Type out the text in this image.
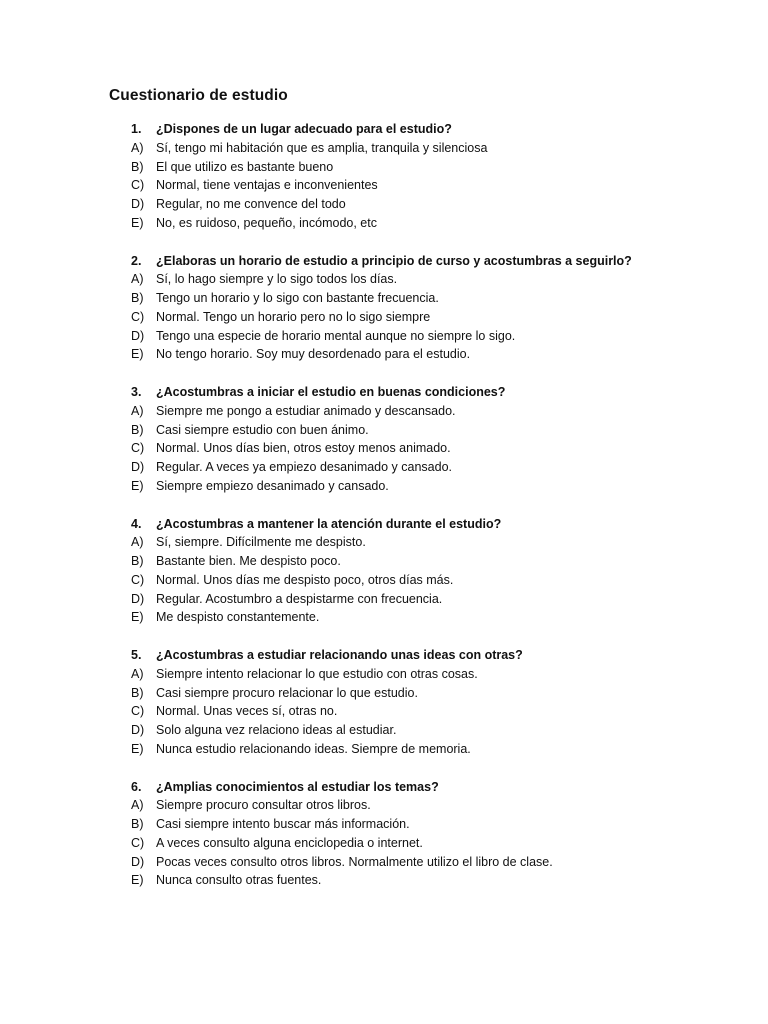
Cuestionario de estudio
1. ¿Dispones de un lugar adecuado para el estudio?
A) Sí, tengo mi habitación que es amplia, tranquila y silenciosa
B) El que utilizo es bastante bueno
C) Normal, tiene ventajas e inconvenientes
D) Regular, no me convence del todo
E) No, es ruidoso, pequeño, incómodo, etc
2. ¿Elaboras un horario de estudio a principio de curso y acostumbras a seguirlo?
A) Sí, lo hago siempre y lo sigo todos los días.
B) Tengo un horario y lo sigo con bastante frecuencia.
C) Normal. Tengo un horario pero no lo sigo siempre
D) Tengo una especie de horario mental aunque no siempre lo sigo.
E) No tengo horario. Soy muy desordenado para el estudio.
3. ¿Acostumbras a iniciar el estudio en buenas condiciones?
A) Siempre me pongo a estudiar animado y descansado.
B) Casi siempre estudio con buen ánimo.
C) Normal. Unos días bien, otros estoy menos animado.
D) Regular. A veces ya empiezo desanimado y cansado.
E) Siempre empiezo desanimado y cansado.
4. ¿Acostumbras a mantener la atención durante el estudio?
A) Sí, siempre. Difícilmente me despisto.
B) Bastante bien. Me despisto poco.
C) Normal. Unos días me despisto poco, otros días más.
D) Regular. Acostumbro a despistarme con frecuencia.
E) Me despisto constantemente.
5. ¿Acostumbras a estudiar relacionando unas ideas con otras?
A) Siempre intento relacionar lo que estudio con otras cosas.
B) Casi siempre procuro relacionar lo que estudio.
C) Normal. Unas veces sí, otras no.
D) Solo alguna vez relaciono ideas al estudiar.
E) Nunca estudio relacionando ideas. Siempre de memoria.
6. ¿Amplias conocimientos al estudiar los temas?
A) Siempre procuro consultar otros libros.
B) Casi siempre intento buscar más información.
C) A veces consulto alguna enciclopedia o internet.
D) Pocas veces consulto otros libros. Normalmente utilizo el libro de clase.
E) Nunca consulto otras fuentes.
